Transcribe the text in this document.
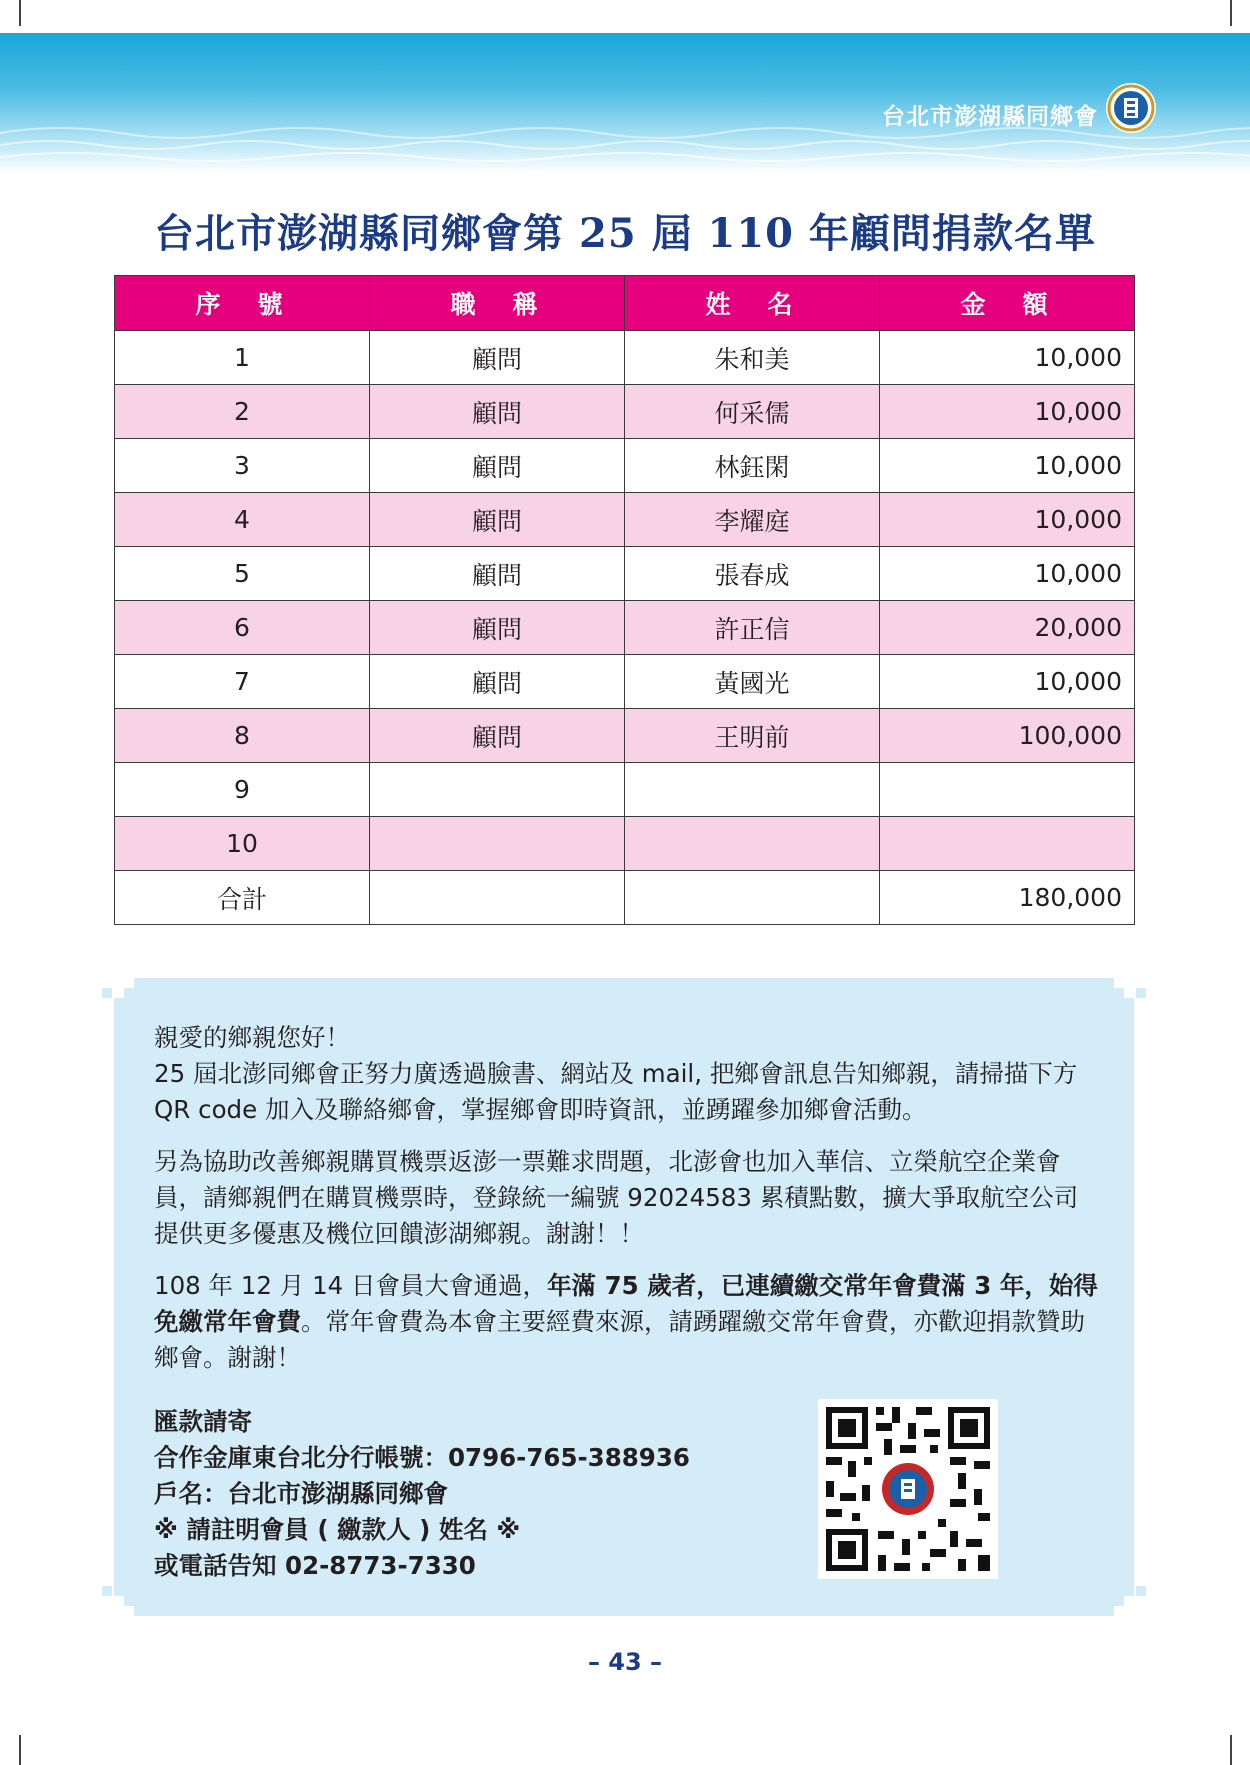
台北市澎湖縣同鄉會
台北市澎湖縣同鄉會第 25 屆 110 年顧問捐款名單
序　號	職　稱	姓　名	金　額
1	顧問	朱和美	10,000
2	顧問	何采儒	10,000
3	顧問	林鈺閑	10,000
4	顧問	李耀庭	10,000
5	顧問	張春成	10,000
6	顧問	許正信	20,000
7	顧問	黃國光	10,000
8	顧問	王明前	100,000
9			
10			
合計			180,000

親愛的鄉親您好！
25 屆北澎同鄉會正努力廣透過臉書、網站及 mail, 把鄉會訊息告知鄉親，請掃描下方 QR code 加入及聯絡鄉會，掌握鄉會即時資訊，並踴躍參加鄉會活動。

另為協助改善鄉親購買機票返澎一票難求問題，北澎會也加入華信、立榮航空企業會員，請鄉親們在購買機票時，登錄統一編號 92024583 累積點數，擴大爭取航空公司提供更多優惠及機位回饋澎湖鄉親。謝謝！！

108 年 12 月 14 日會員大會通過，年滿 75 歲者，已連續繳交常年會費滿 3 年，始得免繳常年會費。常年會費為本會主要經費來源，請踴躍繳交常年會費，亦歡迎捐款贊助鄉會。謝謝！

匯款請寄
合作金庫東台北分行帳號：0796-765-388936
戶名：台北市澎湖縣同鄉會
※ 請註明會員 ( 繳款人 ) 姓名 ※
或電話告知 02-8773-7330
– 43 –
